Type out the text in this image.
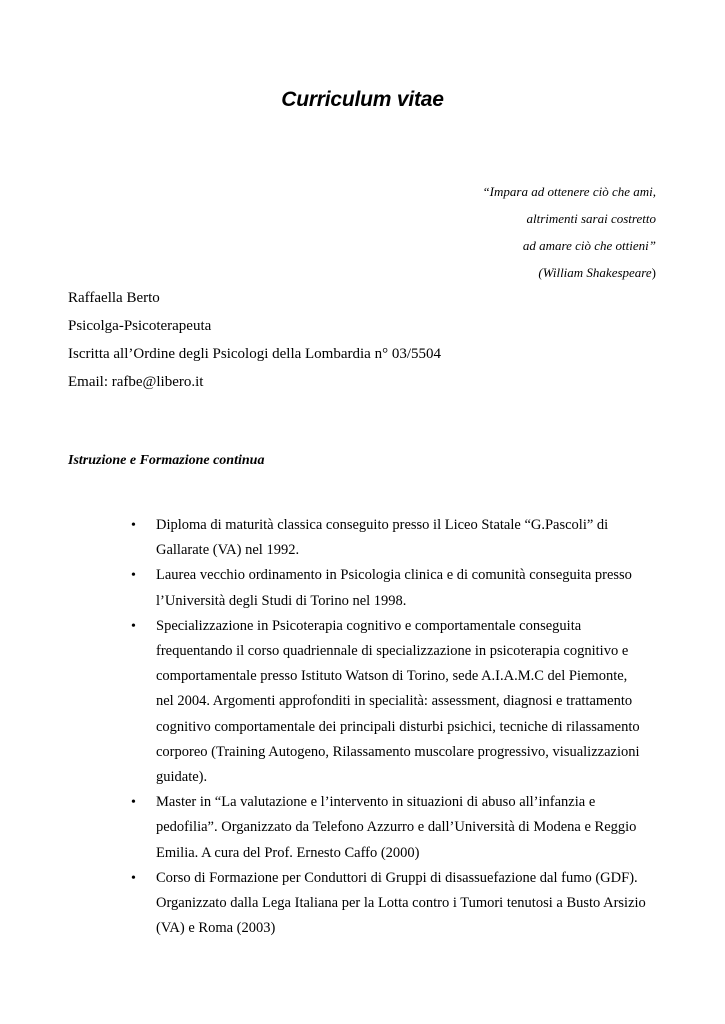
Curriculum vitae
“Impara ad ottenere ciò che ami,
altrimenti sarai costretto
ad amare ciò che ottieni”
(William Shakespeare)
Raffaella Berto
Psicolga-Psicoterapeuta
Iscritta all’Ordine degli Psicologi della Lombardia n° 03/5504
Email: rafbe@libero.it
Istruzione e Formazione continua
• Diploma di maturità classica conseguito presso il Liceo Statale “G.Pascoli” di
Gallarate (VA) nel 1992.
• Laurea vecchio ordinamento in Psicologia clinica e di comunità conseguita presso
l’Università degli Studi di Torino nel 1998.
• Specializzazione in Psicoterapia cognitivo e comportamentale conseguita
frequentando il corso quadriennale di specializzazione in psicoterapia cognitivo e
comportamentale presso Istituto Watson di Torino, sede A.I.A.M.C del Piemonte,
nel 2004. Argomenti approfonditi in specialità: assessment, diagnosi e trattamento
cognitivo comportamentale dei principali disturbi psichici, tecniche di rilassamento
corporeo (Training Autogeno, Rilassamento muscolare progressivo, visualizzazioni
guidate).
• Master in “La valutazione e l’intervento in situazioni di abuso all’infanzia e
pedofilia”. Organizzato da Telefono Azzurro e dall’Università di Modena e Reggio
Emilia. A cura del Prof. Ernesto Caffo (2000)
• Corso di Formazione per Conduttori di Gruppi di disassuefazione dal fumo (GDF).
Organizzato dalla Lega Italiana per la Lotta contro i Tumori tenutosi a Busto Arsizio
(VA) e Roma (2003)
